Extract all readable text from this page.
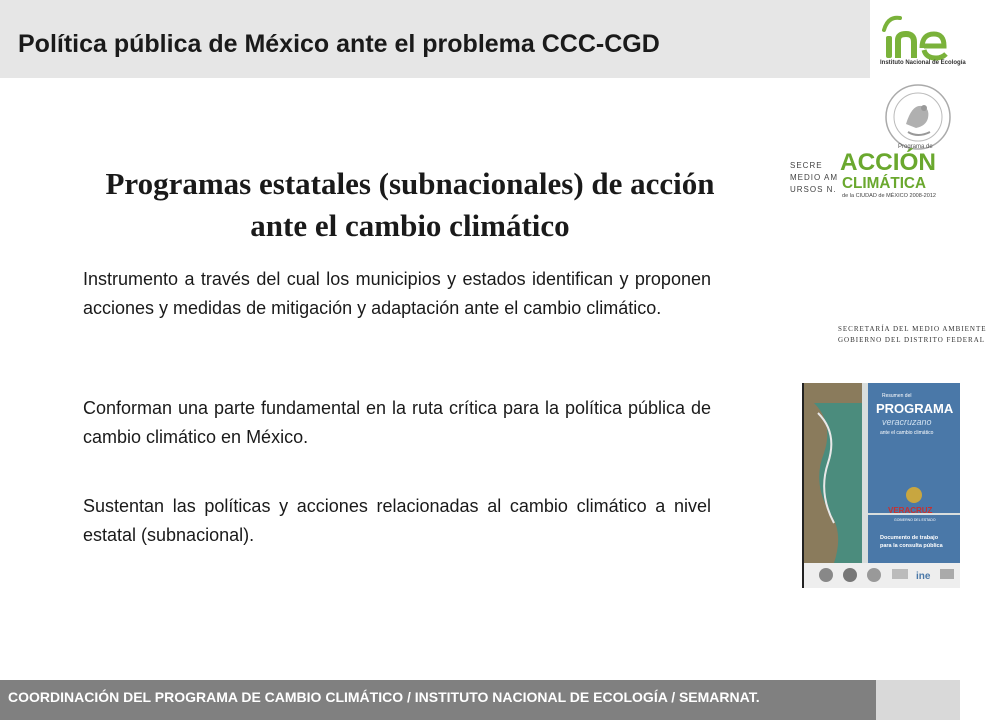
Política pública de México ante el problema CCC-CGD
Instituto Nacional de Ecología
SECRE
MEDIO AM
URSOS N.
Programa de
ACCIÓN
CLIMÁTICA
de la CIUDAD de MÉXICO 2008-2012
SECRETARÍA DEL MEDIO AMBIENTE
GOBIERNO DEL DISTRITO FEDERAL
Resumen del
PROGRAMA
veracruzano
ante el cambio climático
VERACRUZ
GOBIERNO DEL ESTADO
Documento de trabajo
para la consulta pública
ine
Programas estatales (subnacionales) de acción
ante el cambio climático
Instrumento a través del cual los municipios y estados identifican y proponen acciones y medidas de mitigación y adaptación ante el cambio climático.
Conforman una parte fundamental en la ruta crítica para la política pública de cambio climático en México.
Sustentan las políticas y acciones relacionadas al cambio climático a nivel estatal (subnacional).
COORDINACIÓN DEL PROGRAMA DE CAMBIO CLIMÁTICO / INSTITUTO NACIONAL DE ECOLOGÍA / SEMARNAT.
